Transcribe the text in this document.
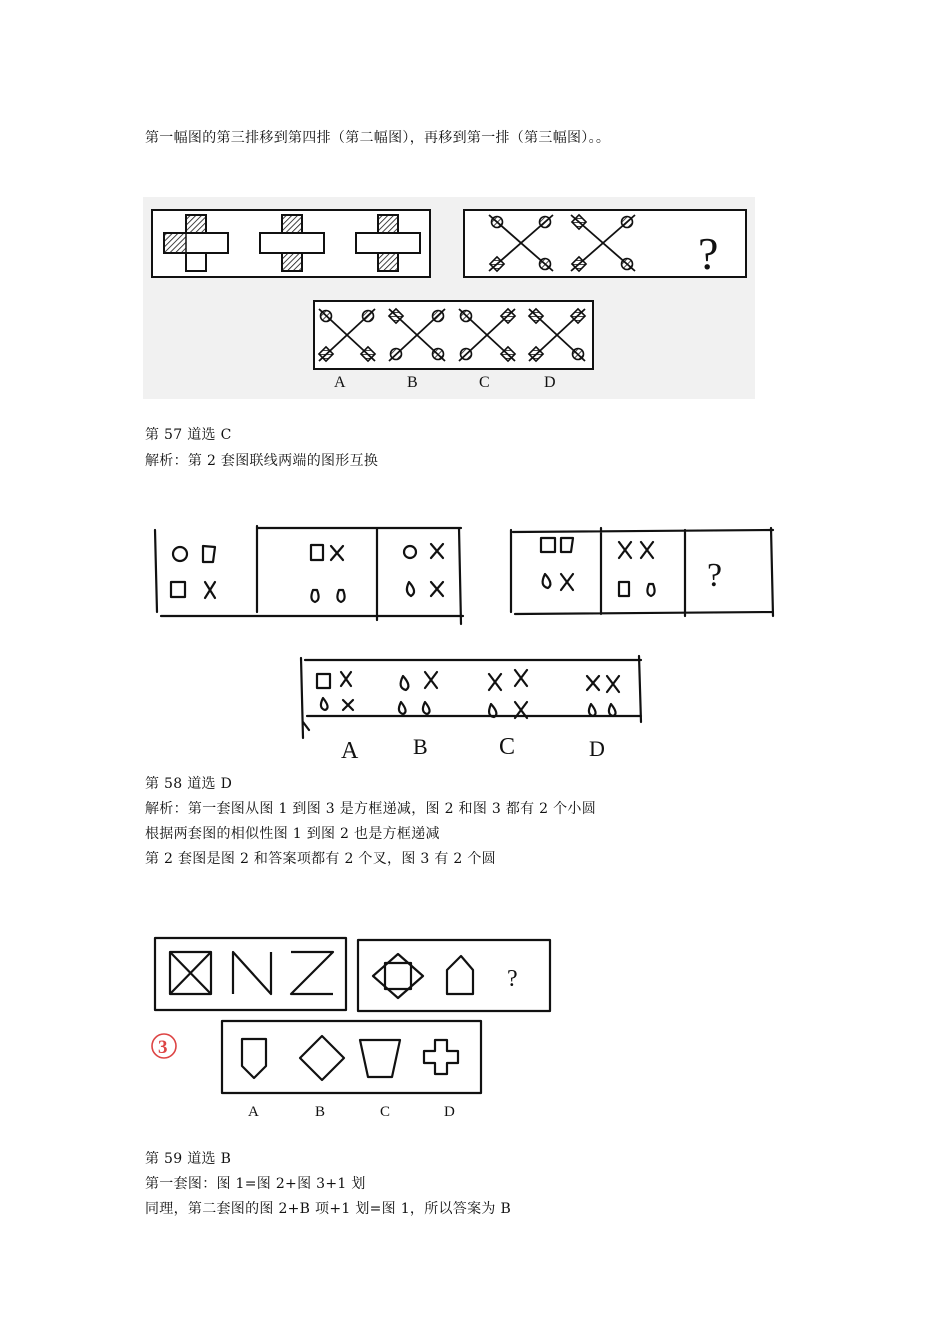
第一幅图的第三排移到第四排（第二幅图），再移到第一排（第三幅图）。。
?
A	B	C	D
第 57 道选 C
解析：第 2 套图联线两端的图形互换
?
A B	C	D
第 58 道选 D
解析：第一套图从图 1 到图 3 是方框递减，图 2 和图 3 都有 2 个小圆
根据两套图的相似性图 1 到图 2 也是方框递减
第 2 套图是图 2 和答案项都有 2 个叉，图 3 有 2 个圆
?
3
A	B	C	D
第 59 道选 B
第一套图：图 1=图 2+图 3+1 划
同理，第二套图的图 2+B 项+1 划=图 1，所以答案为 B
